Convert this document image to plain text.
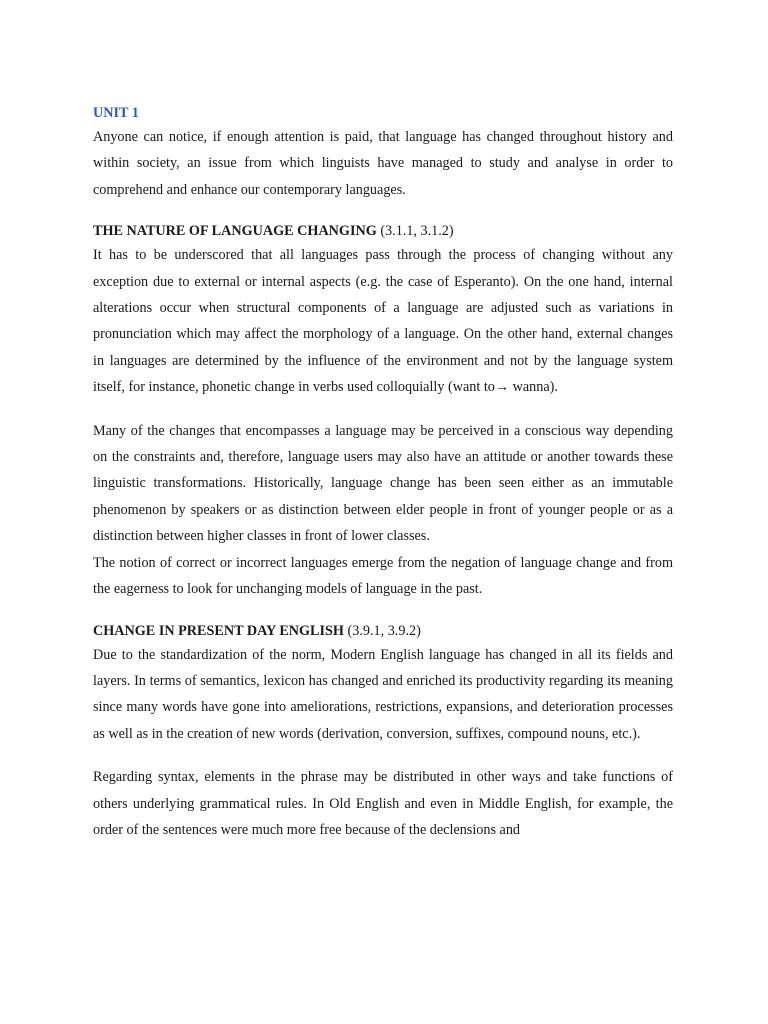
UNIT 1

Anyone can notice, if enough attention is paid, that language has changed throughout history and within society, an issue from which linguists have managed to study and analyse in order to comprehend and enhance our contemporary languages.

THE NATURE OF LANGUAGE CHANGING (3.1.1, 3.1.2)

It has to be underscored that all languages pass through the process of changing without any exception due to external or internal aspects (e.g. the case of Esperanto). On the one hand, internal alterations occur when structural components of a language are adjusted such as variations in pronunciation which may affect the morphology of a language. On the other hand, external changes in languages are determined by the influence of the environment and not by the language system itself, for instance, phonetic change in verbs used colloquially (want to→ wanna).

Many of the changes that encompasses a language may be perceived in a conscious way depending on the constraints and, therefore, language users may also have an attitude or another towards these linguistic transformations. Historically, language change has been seen either as an immutable phenomenon by speakers or as distinction between elder people in front of younger people or as a distinction between higher classes in front of lower classes.

The notion of correct or incorrect languages emerge from the negation of language change and from the eagerness to look for unchanging models of language in the past.

CHANGE IN PRESENT DAY ENGLISH (3.9.1, 3.9.2)

Due to the standardization of the norm, Modern English language has changed in all its fields and layers. In terms of semantics, lexicon has changed and enriched its productivity regarding its meaning since many words have gone into ameliorations, restrictions, expansions, and deterioration processes as well as in the creation of new words (derivation, conversion, suffixes, compound nouns, etc.).

Regarding syntax, elements in the phrase may be distributed in other ways and take functions of others underlying grammatical rules. In Old English and even in Middle English, for example, the order of the sentences were much more free because of the declensions and
